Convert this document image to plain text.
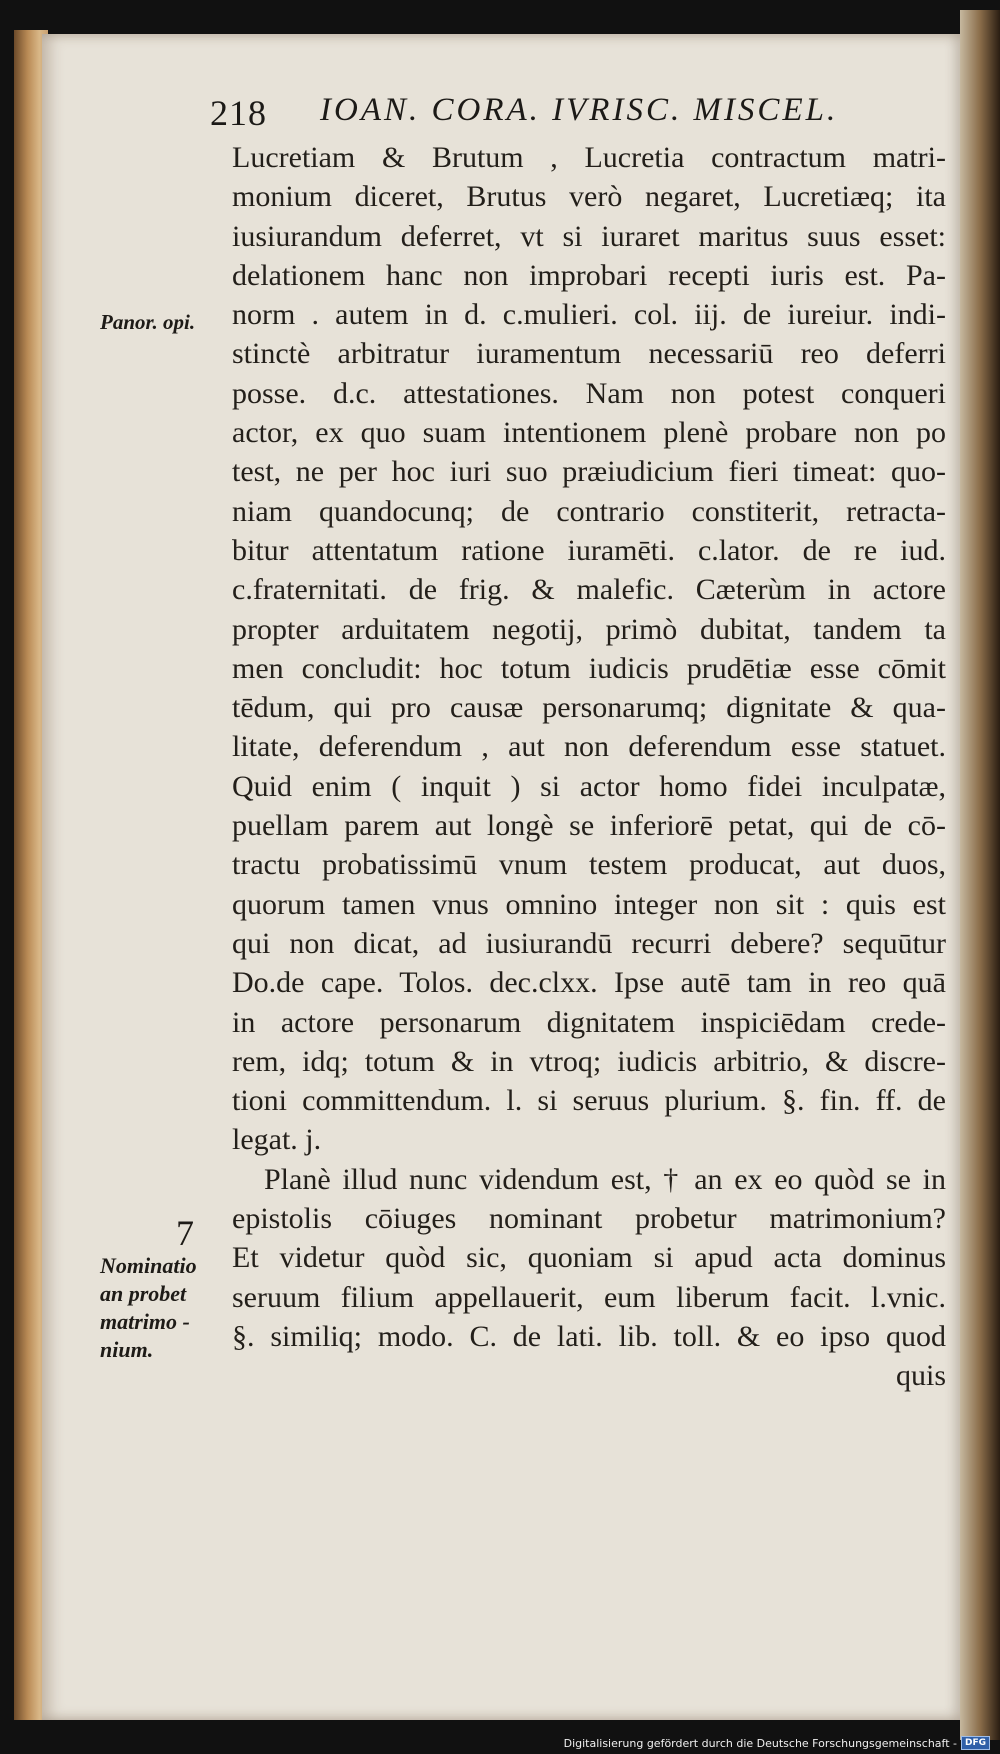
218 IOAN. CORA. IVRISC. MISCEL.
Panor. opi.
7
Nominatio
an probet
matrimo -
nium.
Lucretiam & Brutum , Lucretia contractum matri-
monium diceret, Brutus verò negaret, Lucretiæq; ita
iusiurandum deferret, vt si iuraret maritus suus esset:
delationem hanc non improbari recepti iuris est. Pa-
norm . autem in d. c.mulieri. col. iij. de iureiur. indi-
stinctè arbitratur iuramentum necessariū reo deferri
posse. d.c. attestationes. Nam non potest conqueri
actor, ex quo suam intentionem plenè probare non po
test, ne per hoc iuri suo præiudicium fieri timeat: quo-
niam quandocunq; de contrario constiterit, retracta-
bitur attentatum ratione iuramēti. c.lator. de re iud.
c.fraternitati. de frig. & malefic. Cæterùm in actore
propter arduitatem negotij, primò dubitat, tandem ta
men concludit: hoc totum iudicis prudētiæ esse cōmit
tēdum, qui pro causæ personarumq; dignitate & qua-
litate, deferendum , aut non deferendum esse statuet.
Quid enim ( inquit ) si actor homo fidei inculpatæ,
puellam parem aut longè se inferiorē petat, qui de cō-
tractu probatissimū vnum testem producat, aut duos,
quorum tamen vnus omnino integer non sit : quis est
qui non dicat, ad iusiurandū recurri debere? sequūtur
Do.de cape. Tolos. dec.clxx. Ipse autē tam in reo quā
in actore personarum dignitatem inspiciēdam crede-
rem, idq; totum & in vtroq; iudicis arbitrio, & discre-
tioni committendum. l. si seruus plurium. §. fin. ff. de
legat. j.
Planè illud nunc videndum est, † an ex eo quòd se in
epistolis cōiuges nominant probetur matrimonium?
Et videtur quòd sic, quoniam si apud acta dominus
seruum filium appellauerit, eum liberum facit. l.vnic.
§. similiq; modo. C. de lati. lib. toll. & eo ipso quod
quis
Digitalisierung gefördert durch die Deutsche Forschungsgemeinschaft - DFG
